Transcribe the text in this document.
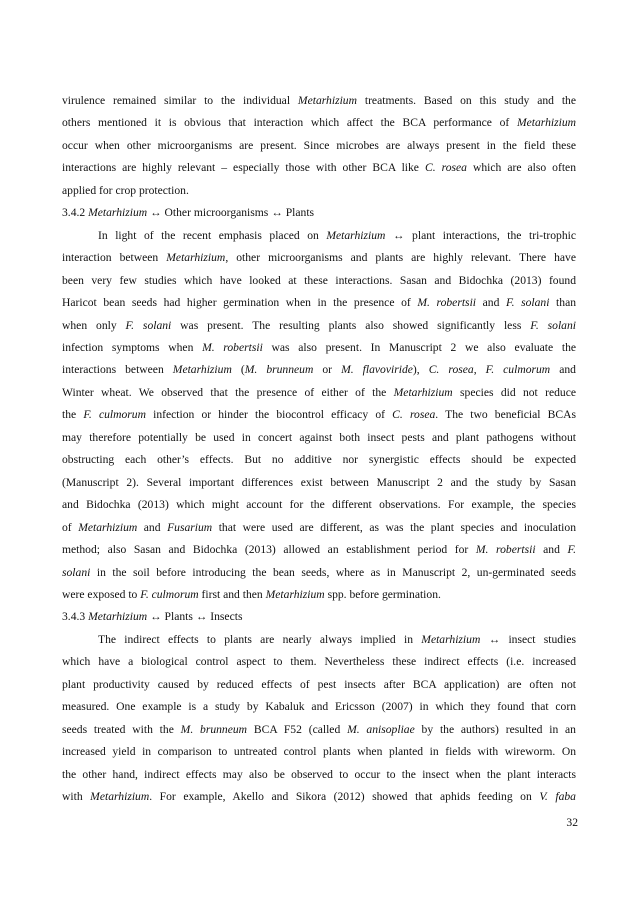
virulence remained similar to the individual Metarhizium treatments. Based on this study and the
others mentioned it is obvious that interaction which affect the BCA performance of Metarhizium
occur when other microorganisms are present. Since microbes are always present in the field these
interactions are highly relevant – especially those with other BCA like C. rosea which are also often
applied for crop protection.
3.4.2 Metarhizium ↔ Other microorganisms ↔ Plants
In light of the recent emphasis placed on Metarhizium ↔ plant interactions, the tri-trophic
interaction between Metarhizium, other microorganisms and plants are highly relevant. There have
been very few studies which have looked at these interactions. Sasan and Bidochka (2013) found
Haricot bean seeds had higher germination when in the presence of M. robertsii and F. solani than
when only F. solani was present. The resulting plants also showed significantly less F. solani
infection symptoms when M. robertsii was also present. In Manuscript 2 we also evaluate the
interactions between Metarhizium (M. brunneum or M. flavoviride), C. rosea, F. culmorum and
Winter wheat. We observed that the presence of either of the Metarhizium species did not reduce
the F. culmorum infection or hinder the biocontrol efficacy of C. rosea. The two beneficial BCAs
may therefore potentially be used in concert against both insect pests and plant pathogens without
obstructing each other’s effects. But no additive nor synergistic effects should be expected
(Manuscript 2). Several important differences exist between Manuscript 2 and the study by Sasan
and Bidochka (2013) which might account for the different observations. For example, the species
of Metarhizium and Fusarium that were used are different, as was the plant species and inoculation
method; also Sasan and Bidochka (2013) allowed an establishment period for M. robertsii and F.
solani in the soil before introducing the bean seeds, where as in Manuscript 2, un-germinated seeds
were exposed to F. culmorum first and then Metarhizium spp. before germination.
3.4.3 Metarhizium ↔ Plants ↔ Insects
The indirect effects to plants are nearly always implied in Metarhizium ↔ insect studies
which have a biological control aspect to them. Nevertheless these indirect effects (i.e. increased
plant productivity caused by reduced effects of pest insects after BCA application) are often not
measured. One example is a study by Kabaluk and Ericsson (2007) in which they found that corn
seeds treated with the M. brunneum BCA F52 (called M. anisopliae by the authors) resulted in an
increased yield in comparison to untreated control plants when planted in fields with wireworm. On
the other hand, indirect effects may also be observed to occur to the insect when the plant interacts
with Metarhizium. For example, Akello and Sikora (2012) showed that aphids feeding on V. faba
32
